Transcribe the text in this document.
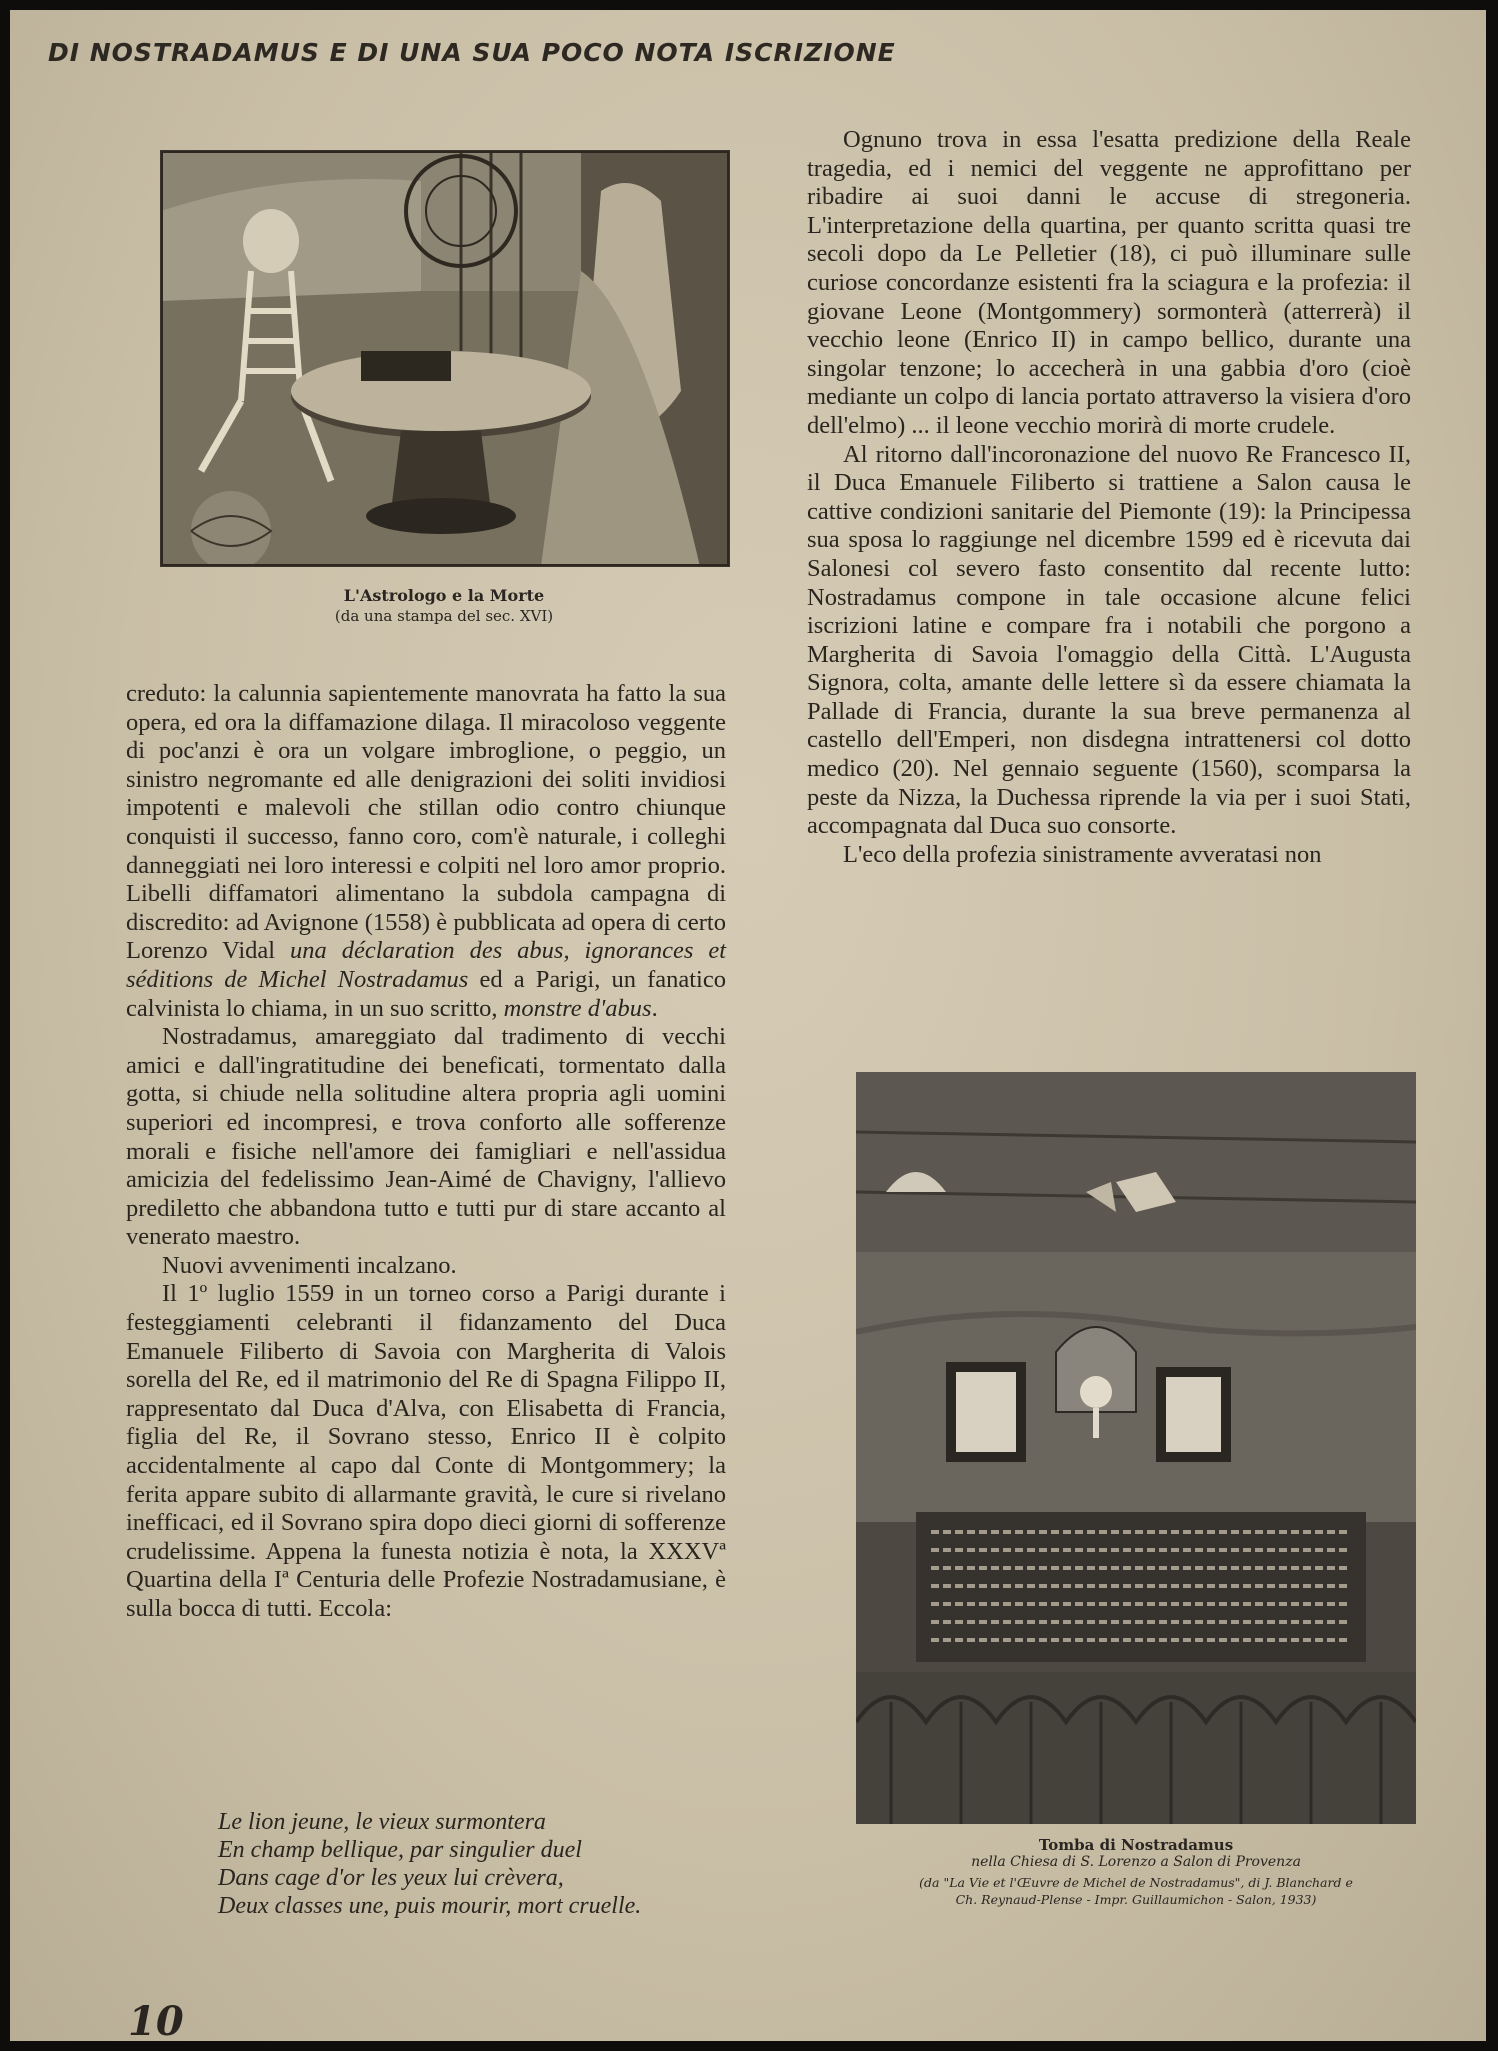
DI NOSTRADAMUS E DI UNA SUA POCO NOTA ISCRIZIONE
L'Astrologo e la Morte
(da una stampa del sec. XVI)

creduto: la calunnia sapientemente manovrata ha fatto la sua opera, ed ora la diffamazione dilaga. Il miracoloso veggente di poc'anzi è ora un volgare imbroglione, o peggio, un sinistro negromante ed alle denigrazioni dei soliti invidiosi impotenti e malevoli che stillan odio contro chiunque conquisti il successo, fanno coro, com'è naturale, i colleghi danneggiati nei loro interessi e colpiti nel loro amor proprio. Libelli diffamatori alimentano la subdola campagna di discredito: ad Avignone (1558) è pubblicata ad opera di certo Lorenzo Vidal una déclaration des abus, ignorances et séditions de Michel Nostradamus ed a Parigi, un fanatico calvinista lo chiama, in un suo scritto, monstre d'abus.

Nostradamus, amareggiato dal tradimento di vecchi amici e dall'ingratitudine dei beneficati, tormentato dalla gotta, si chiude nella solitudine altera propria agli uomini superiori ed incompresi, e trova conforto alle sofferenze morali e fisiche nell'amore dei famigliari e nell'assidua amicizia del fedelissimo Jean-Aimé de Chavigny, l'allievo prediletto che abbandona tutto e tutti pur di stare accanto al venerato maestro.

Nuovi avvenimenti incalzano.

Il 1º luglio 1559 in un torneo corso a Parigi durante i festeggiamenti celebranti il fidanzamento del Duca Emanuele Filiberto di Savoia con Margherita di Valois sorella del Re, ed il matrimonio del Re di Spagna Filippo II, rappresentato dal Duca d'Alva, con Elisabetta di Francia, figlia del Re, il Sovrano stesso, Enrico II è colpito accidentalmente al capo dal Conte di Montgommery; la ferita appare subito di allarmante gravità, le cure si rivelano inefficaci, ed il Sovrano spira dopo dieci giorni di sofferenze crudelissime. Appena la funesta notizia è nota, la XXXVª Quartina della Iª Centuria delle Profezie Nostradamusiane, è sulla bocca di tutti. Eccola:

Le lion jeune, le vieux surmontera
En champ bellique, par singulier duel
Dans cage d'or les yeux lui crèvera,
Deux classes une, puis mourir, mort cruelle.

Ognuno trova in essa l'esatta predizione della Reale tragedia, ed i nemici del veggente ne approfittano per ribadire ai suoi danni le accuse di stregoneria. L'interpretazione della quartina, per quanto scritta quasi tre secoli dopo da Le Pelletier (18), ci può illuminare sulle curiose concordanze esistenti fra la sciagura e la profezia: il giovane Leone (Montgommery) sormonterà (atterrerà) il vecchio leone (Enrico II) in campo bellico, durante una singolar tenzone; lo accecherà in una gabbia d'oro (cioè mediante un colpo di lancia portato attraverso la visiera d'oro dell'elmo) ... il leone vecchio morirà di morte crudele.

Al ritorno dall'incoronazione del nuovo Re Francesco II, il Duca Emanuele Filiberto si trattiene a Salon causa le cattive condizioni sanitarie del Piemonte (19): la Principessa sua sposa lo raggiunge nel dicembre 1599 ed è ricevuta dai Salonesi col severo fasto consentito dal recente lutto: Nostradamus compone in tale occasione alcune felici iscrizioni latine e compare fra i notabili che porgono a Margherita di Savoia l'omaggio della Città. L'Augusta Signora, colta, amante delle lettere sì da essere chiamata la Pallade di Francia, durante la sua breve permanenza al castello dell'Emperi, non disdegna intrattenersi col dotto medico (20). Nel gennaio seguente (1560), scomparsa la peste da Nizza, la Duchessa riprende la via per i suoi Stati, accompagnata dal Duca suo consorte.

L'eco della profezia sinistramente avveratasi non

Tomba di Nostradamus
nella Chiesa di S. Lorenzo a Salon di Provenza
(da "La Vie et l'Œuvre de Michel de Nostradamus", di J. Blanchard e
Ch. Reynaud-Plense - Impr. Guillaumichon - Salon, 1933)
10
